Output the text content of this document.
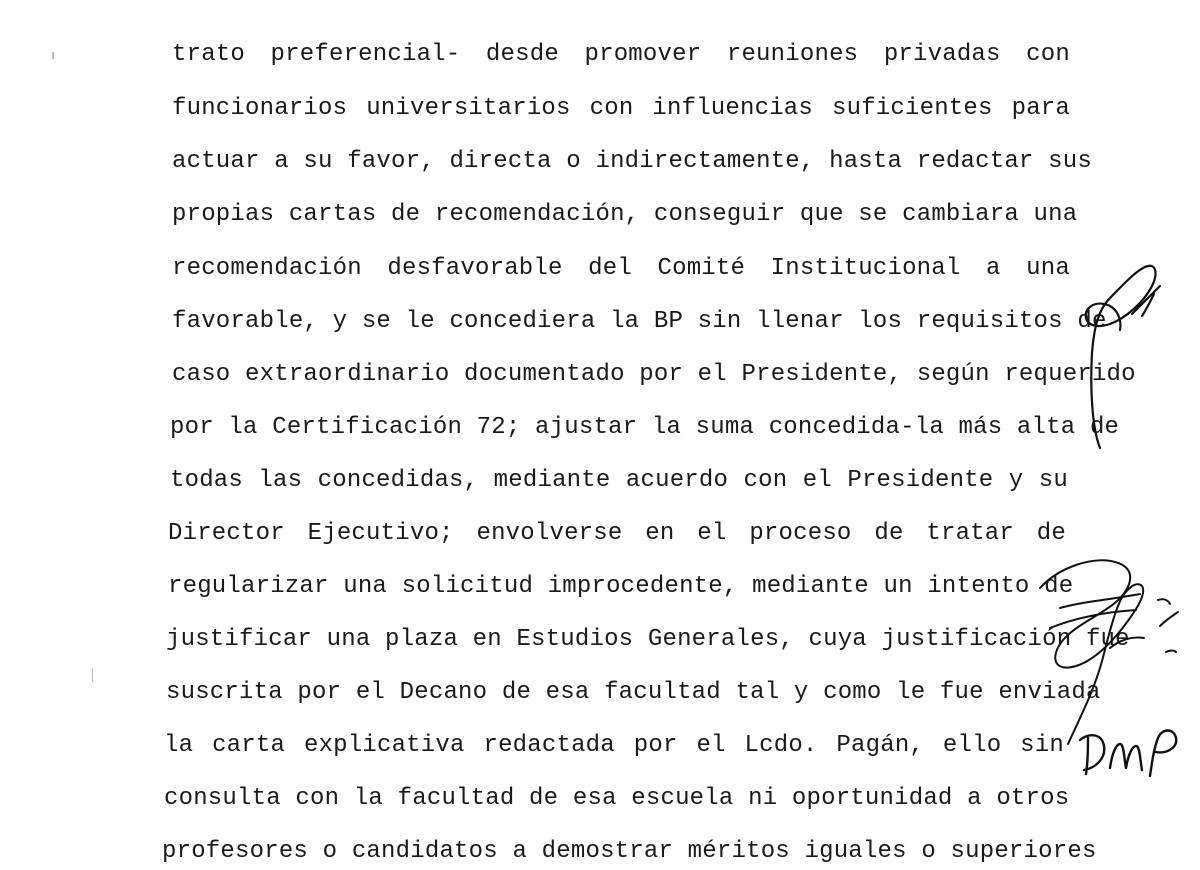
trato preferencial- desde promover reuniones privadas con
funcionarios universitarios con influencias suficientes para
actuar a su favor, directa o indirectamente, hasta redactar sus
propias cartas de recomendación, conseguir que se cambiara una
recomendación desfavorable del Comité Institucional a una
favorable, y se le concediera la BP sin llenar los requisitos de
caso extraordinario documentado por el Presidente, según requerido
por la Certificación 72; ajustar la suma concedida-la más alta de
todas las concedidas, mediante acuerdo con el Presidente y su
Director Ejecutivo; envolverse en el proceso de tratar de
regularizar una solicitud improcedente, mediante un intento de
justificar una plaza en Estudios Generales, cuya justificación fue
suscrita por el Decano de esa facultad tal y como le fue enviada
la carta explicativa redactada por el Lcdo. Pagán, ello sin
consulta con la facultad de esa escuela ni oportunidad a otros
profesores o candidatos a demostrar méritos iguales o superiores
